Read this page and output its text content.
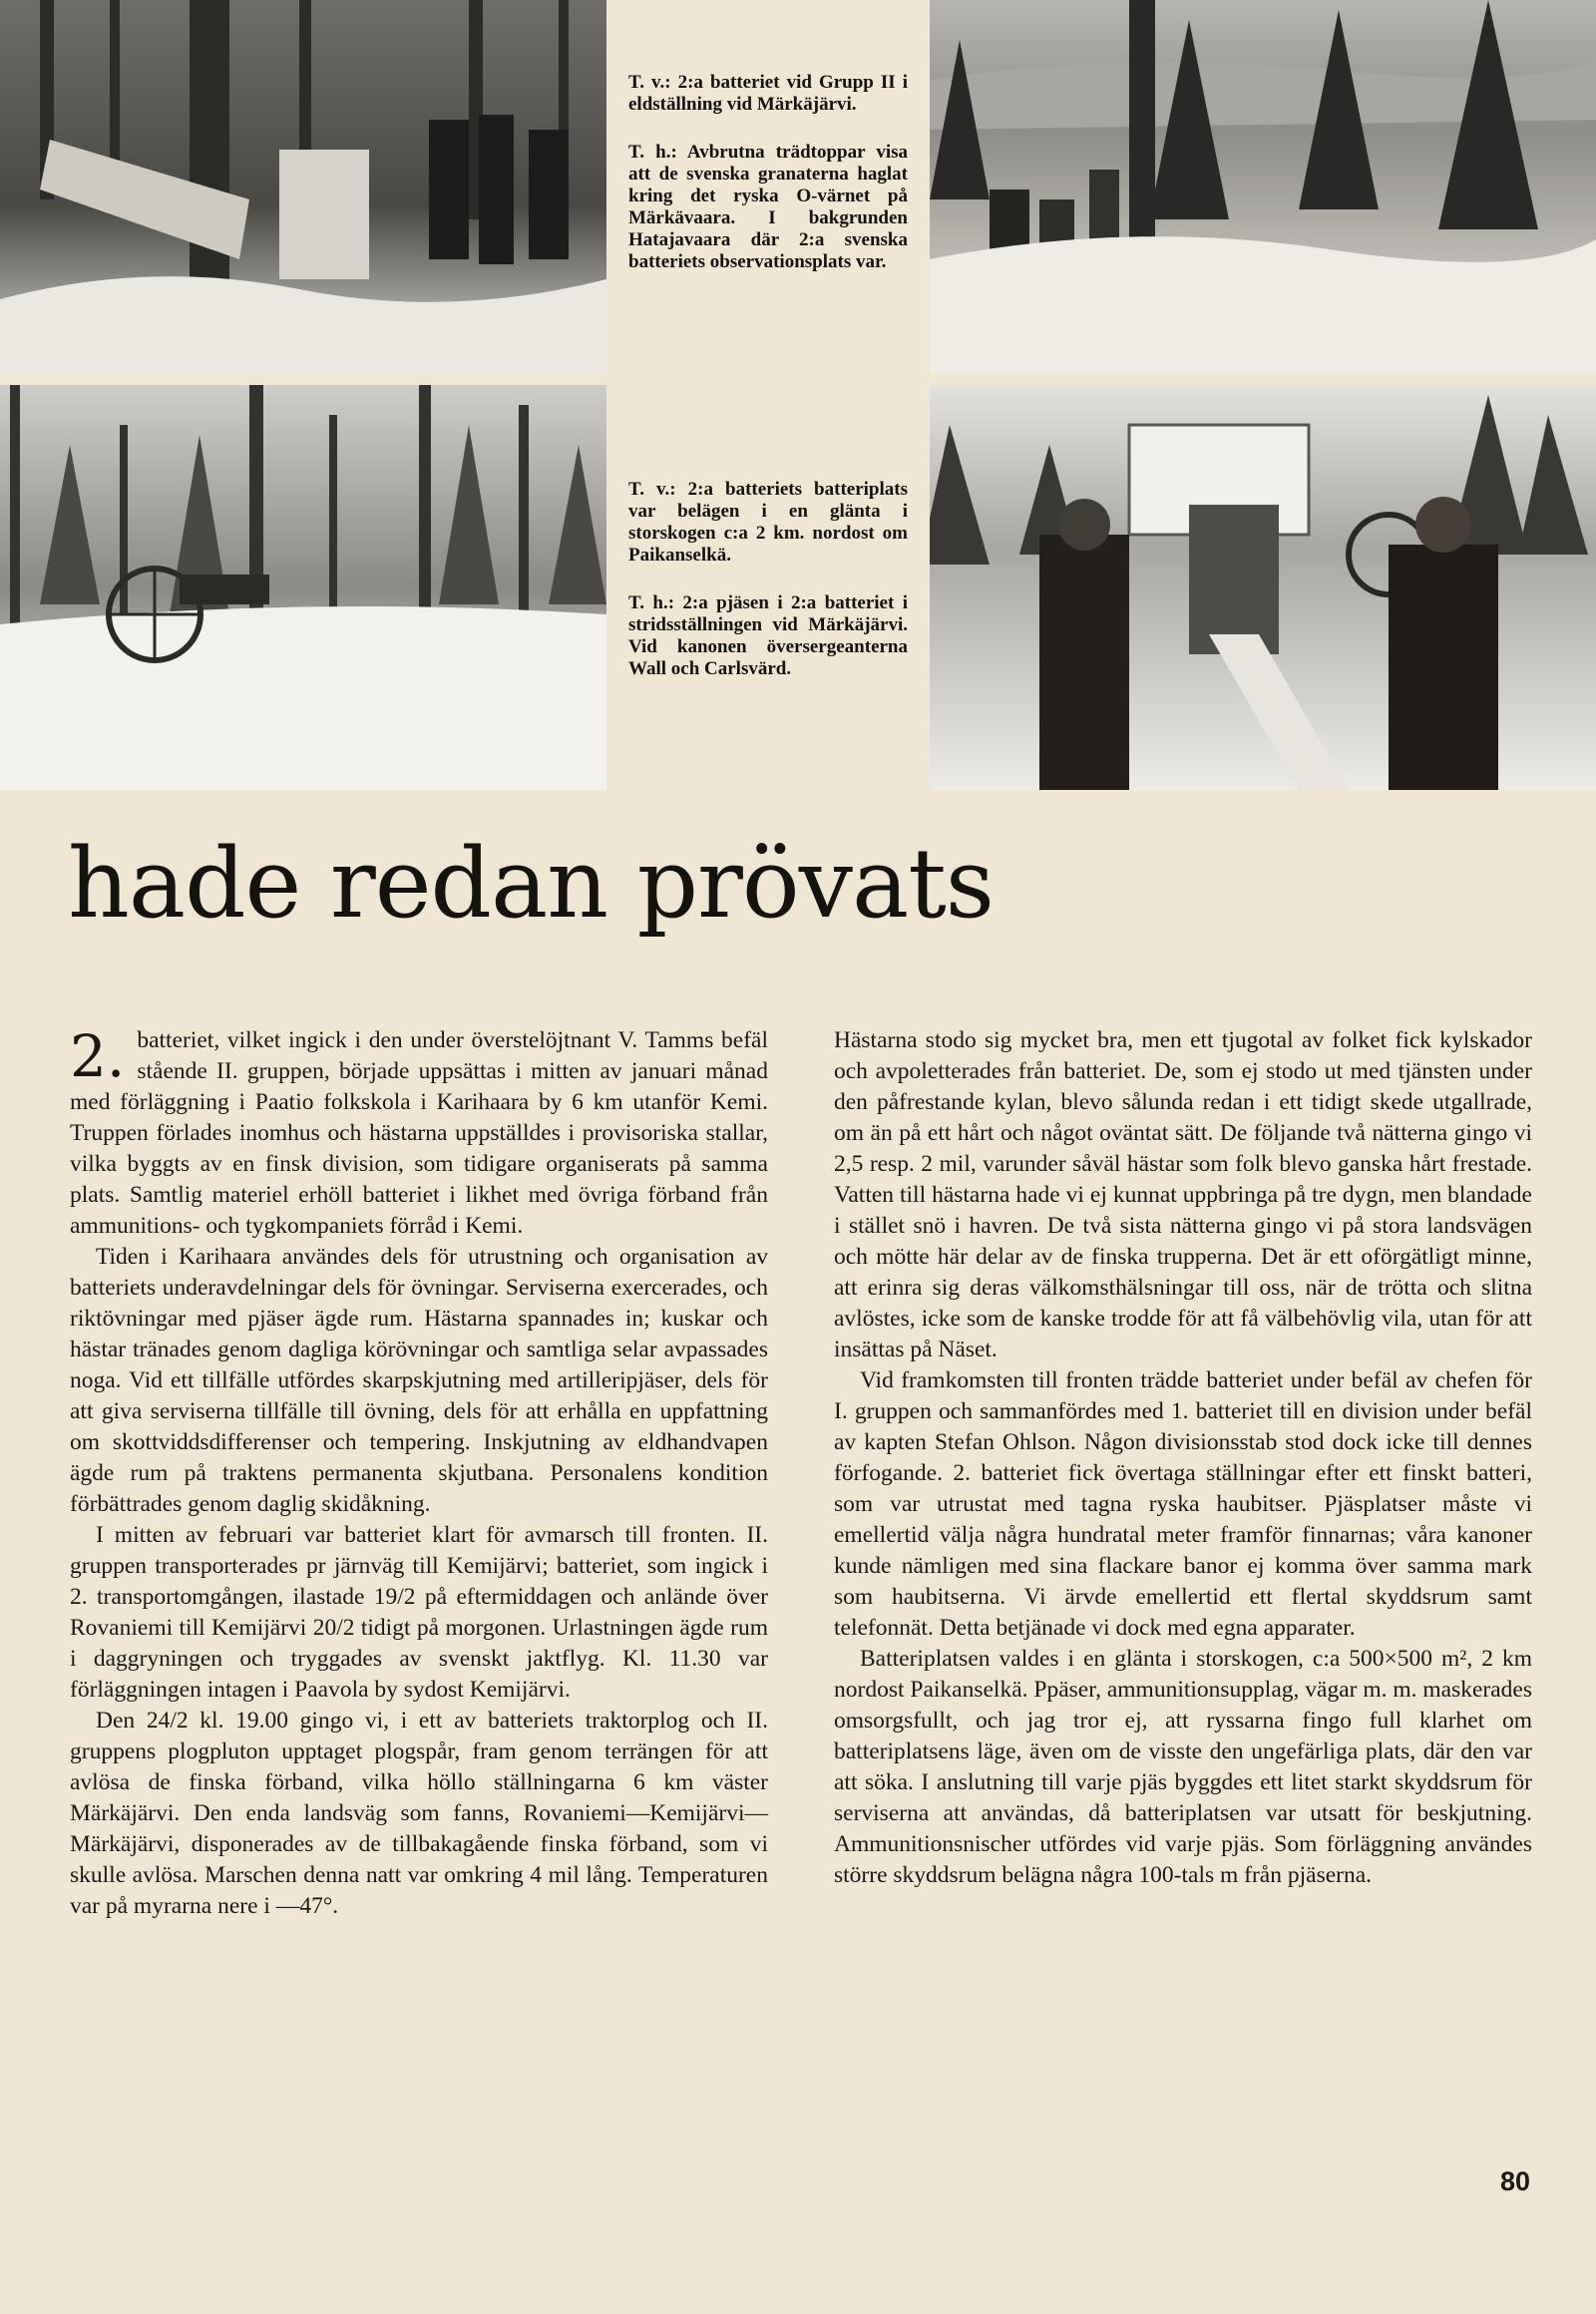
T. v.: 2:a batteriet vid Grupp II i eldställning vid Märkäjärvi.

T. h.: Avbrutna trädtoppar visa att de svenska granaterna haglat kring det ryska O-värnet på Märkävaara. I bakgrunden Hatajavaara där 2:a svenska batteriets observationsplats var.

T. v.: 2:a batteriets batteriplats var belägen i en glänta i storskogen c:a 2 km. nordost om Paikanselkä.

T. h.: 2:a pjäsen i 2:a batteriet i stridsställningen vid Märkäjärvi. Vid kanonen översergeanterna Wall och Carlsvärd.

hade redan prövats

2. batteriet, vilket ingick i den under överstelöjtnant V. Tamms befäl stående II. gruppen, började uppsättas i mitten av januari månad med förläggning i Paatio folkskola i Karihaara by 6 km utanför Kemi. Truppen förlades inomhus och hästarna uppställdes i provisoriska stallar, vilka byggts av en finsk division, som tidigare organiserats på samma plats. Samtlig materiel erhöll batteriet i likhet med övriga förband från ammunitions- och tygkompaniets förråd i Kemi.

Tiden i Karihaara användes dels för utrustning och organisation av batteriets underavdelningar dels för övningar. Serviserna exercerades, och riktövningar med pjäser ägde rum. Hästarna spannades in; kuskar och hästar tränades genom dagliga körövningar och samtliga selar avpassades noga. Vid ett tillfälle utfördes skarpskjutning med artilleripjäser, dels för att giva serviserna tillfälle till övning, dels för att erhålla en uppfattning om skottviddsdifferenser och tempering. Inskjutning av eldhandvapen ägde rum på traktens permanenta skjutbana. Personalens kondition förbättrades genom daglig skidåkning.

I mitten av februari var batteriet klart för avmarsch till fronten. II. gruppen transporterades pr järnväg till Kemijärvi; batteriet, som ingick i 2. transportomgången, ilastade 19/2 på eftermiddagen och anlände över Rovaniemi till Kemijärvi 20/2 tidigt på morgonen. Urlastningen ägde rum i daggryningen och tryggades av svenskt jaktflyg. Kl. 11.30 var förläggningen intagen i Paavola by sydost Kemijärvi.

Den 24/2 kl. 19.00 gingo vi, i ett av batteriets traktorplog och II. gruppens plogpluton upptaget plogspår, fram genom terrängen för att avlösa de finska förband, vilka höllo ställningarna 6 km väster Märkäjärvi. Den enda landsväg som fanns, Rovaniemi—Kemijärvi—Märkäjärvi, disponerades av de tillbakagående finska förband, som vi skulle avlösa. Marschen denna natt var omkring 4 mil lång. Temperaturen var på myrarna nere i —47°.

Hästarna stodo sig mycket bra, men ett tjugotal av folket fick kylskador och avpoletterades från batteriet. De, som ej stodo ut med tjänsten under den påfrestande kylan, blevo sålunda redan i ett tidigt skede utgallrade, om än på ett hårt och något oväntat sätt. De följande två nätterna gingo vi 2,5 resp. 2 mil, varunder såväl hästar som folk blevo ganska hårt frestade. Vatten till hästarna hade vi ej kunnat uppbringa på tre dygn, men blandade i stället snö i havren. De två sista nätterna gingo vi på stora landsvägen och mötte här delar av de finska trupperna. Det är ett oförgätligt minne, att erinra sig deras välkomsthälsningar till oss, när de trötta och slitna avlöstes, icke som de kanske trodde för att få välbehövlig vila, utan för att insättas på Näset.

Vid framkomsten till fronten trädde batteriet under befäl av chefen för I. gruppen och sammanfördes med 1. batteriet till en division under befäl av kapten Stefan Ohlson. Någon divisionsstab stod dock icke till dennes förfogande. 2. batteriet fick övertaga ställningar efter ett finskt batteri, som var utrustat med tagna ryska haubitser. Pjäsplatser måste vi emellertid välja några hundratal meter framför finnarnas; våra kanoner kunde nämligen med sina flackare banor ej komma över samma mark som haubitserna. Vi ärvde emellertid ett flertal skyddsrum samt telefonnät. Detta betjänade vi dock med egna apparater.

Batteriplatsen valdes i en glänta i storskogen, c:a 500×500 m², 2 km nordost Paikanselkä. Ppäser, ammunitionsupplag, vägar m. m. maskerades omsorgsfullt, och jag tror ej, att ryssarna fingo full klarhet om batteriplatsens läge, även om de visste den ungefärliga plats, där den var att söka. I anslutning till varje pjäs byggdes ett litet starkt skyddsrum för serviserna att användas, då batteriplatsen var utsatt för beskjutning. Ammunitionsnischer utfördes vid varje pjäs. Som förläggning användes större skyddsrum belägna några 100-tals m från pjäserna.

80
